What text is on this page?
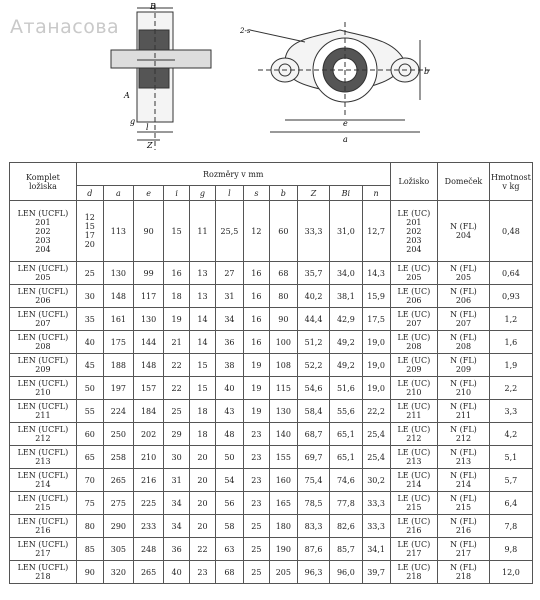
Атанасова
B
A
g
l
Z
2-s
b
e
a
Komplet
ložiska	Rozměry v mm											Ložisko	Domeček	Hmotnost
v kg

	d	a	e	i	g	l	s	b	Z	Bi	n			

LEN (UCFL)
201
202
203
204	12
15
17
20	113	90	15	11	25,5	12	60	33,3	31,0	12,7	LE (UC)
201
202
203
204	N (FL)
204	0,48

LEN (UCFL)
205	25	130	99	16	13	27	16	68	35,7	34,0	14,3	LE (UC)
205	N (FL)
205	0,64

LEN (UCFL)
206	30	148	117	18	13	31	16	80	40,2	38,1	15,9	LE (UC)
206	N (FL)
206	0,93

LEN (UCFL)
207	35	161	130	19	14	34	16	90	44,4	42,9	17,5	LE (UC)
207	N (FL)
207	1,2

LEN (UCFL)
208	40	175	144	21	14	36	16	100	51,2	49,2	19,0	LE (UC)
208	N (FL)
208	1,6

LEN (UCFL)
209	45	188	148	22	15	38	19	108	52,2	49,2	19,0	LE (UC)
209	N (FL)
209	1,9

LEN (UCFL)
210	50	197	157	22	15	40	19	115	54,6	51,6	19,0	LE (UC)
210	N (FL)
210	2,2

LEN (UCFL)
211	55	224	184	25	18	43	19	130	58,4	55,6	22,2	LE (UC)
211	N (FL)
211	3,3

LEN (UCFL)
212	60	250	202	29	18	48	23	140	68,7	65,1	25,4	LE (UC)
212	N (FL)
212	4,2

LEN (UCFL)
213	65	258	210	30	20	50	23	155	69,7	65,1	25,4	LE (UC)
213	N (FL)
213	5,1

LEN (UCFL)
214	70	265	216	31	20	54	23	160	75,4	74,6	30,2	LE (UC)
214	N (FL)
214	5,7

LEN (UCFL)
215	75	275	225	34	20	56	23	165	78,5	77,8	33,3	LE (UC)
215	N (FL)
215	6,4

LEN (UCFL)
216	80	290	233	34	20	58	25	180	83,3	82,6	33,3	LE (UC)
216	N (FL)
216	7,8

LEN (UCFL)
217	85	305	248	36	22	63	25	190	87,6	85,7	34,1	LE (UC)
217	N (FL)
217	9,8

LEN (UCFL)
218	90	320	265	40	23	68	25	205	96,3	96,0	39,7	LE (UC)
218	N (FL)
218	12,0
